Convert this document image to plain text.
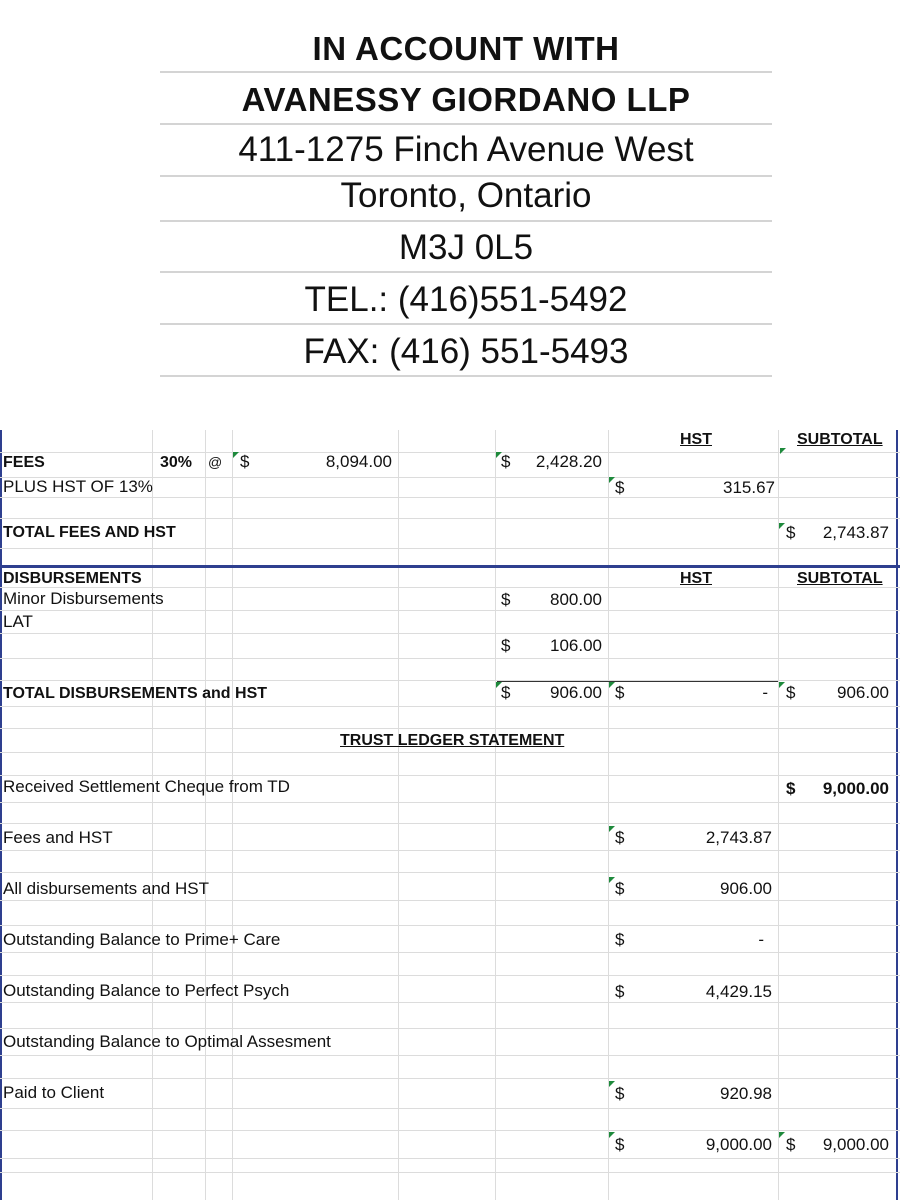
IN ACCOUNT WITH
AVANESSY GIORDANO LLP
411-1275 Finch Avenue West
Toronto, Ontario
M3J 0L5
TEL.: (416)551-5492
FAX: (416) 551-5493
HST	SUBTOTAL
FEES	30% @ $	8,094.00	$	2,428.20
PLUS HST OF 13%	$	315.67
TOTAL FEES AND HST	$	2,743.87
DISBURSEMENTS	HST	SUBTOTAL
Minor Disbursements	$	800.00
LAT
$	106.00
TOTAL DISBURSEMENTS and HST	$	906.00 $	- $	906.00
TRUST LEDGER STATEMENT
Received Settlement Cheque from TD	$	9,000.00
Fees and HST	$	2,743.87
All disbursements and HST	$	906.00
Outstanding Balance to Prime+ Care	$	-
Outstanding Balance to Perfect Psych	$	4,429.15
Outstanding Balance to Optimal Assesment
Paid to Client	$	920.98
$	9,000.00 $	9,000.00
